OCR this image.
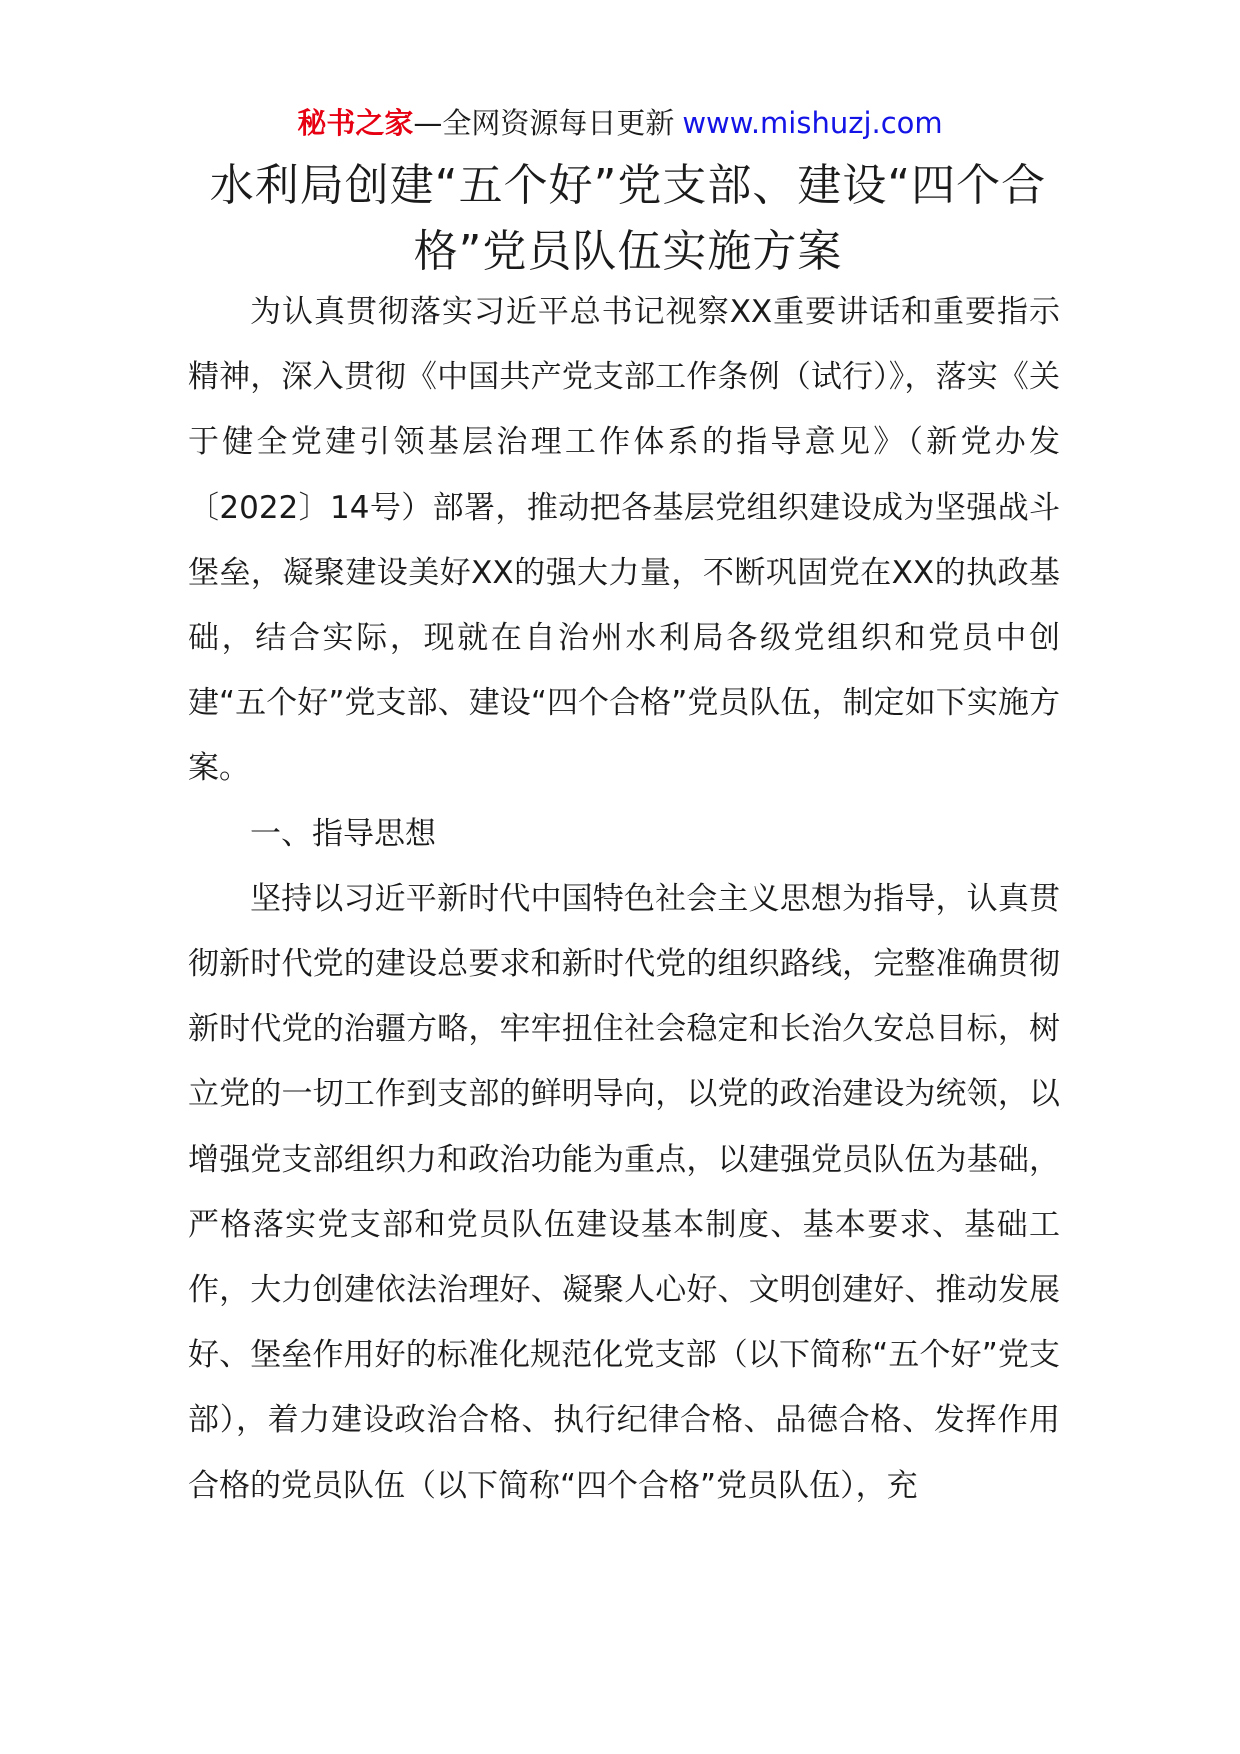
秘书之家—全网资源每日更新 www.mishuzj.com
水利局创建“五个好”党支部、建设“四个合格”党员队伍实施方案

为认真贯彻落实习近平总书记视察XX重要讲话和重要指示精神，深入贯彻《中国共产党支部工作条例（试行）》，落实《关于健全党建引领基层治理工作体系的指导意见》（新党办发〔2022〕14号）部署，推动把各基层党组织建设成为坚强战斗堡垒，凝聚建设美好XX的强大力量，不断巩固党在XX的执政基础，结合实际，现就在自治州水利局各级党组织和党员中创建“五个好”党支部、建设“四个合格”党员队伍，制定如下实施方案。

一、指导思想

坚持以习近平新时代中国特色社会主义思想为指导，认真贯彻新时代党的建设总要求和新时代党的组织路线，完整准确贯彻新时代党的治疆方略，牢牢扭住社会稳定和长治久安总目标，树立党的一切工作到支部的鲜明导向，以党的政治建设为统领，以增强党支部组织力和政治功能为重点，以建强党员队伍为基础，严格落实党支部和党员队伍建设基本制度、基本要求、基础工作，大力创建依法治理好、凝聚人心好、文明创建好、推动发展好、堡垒作用好的标准化规范化党支部（以下简称“五个好”党支部），着力建设政治合格、执行纪律合格、品德合格、发挥作用合格的党员队伍（以下简称“四个合格”党员队伍），充
